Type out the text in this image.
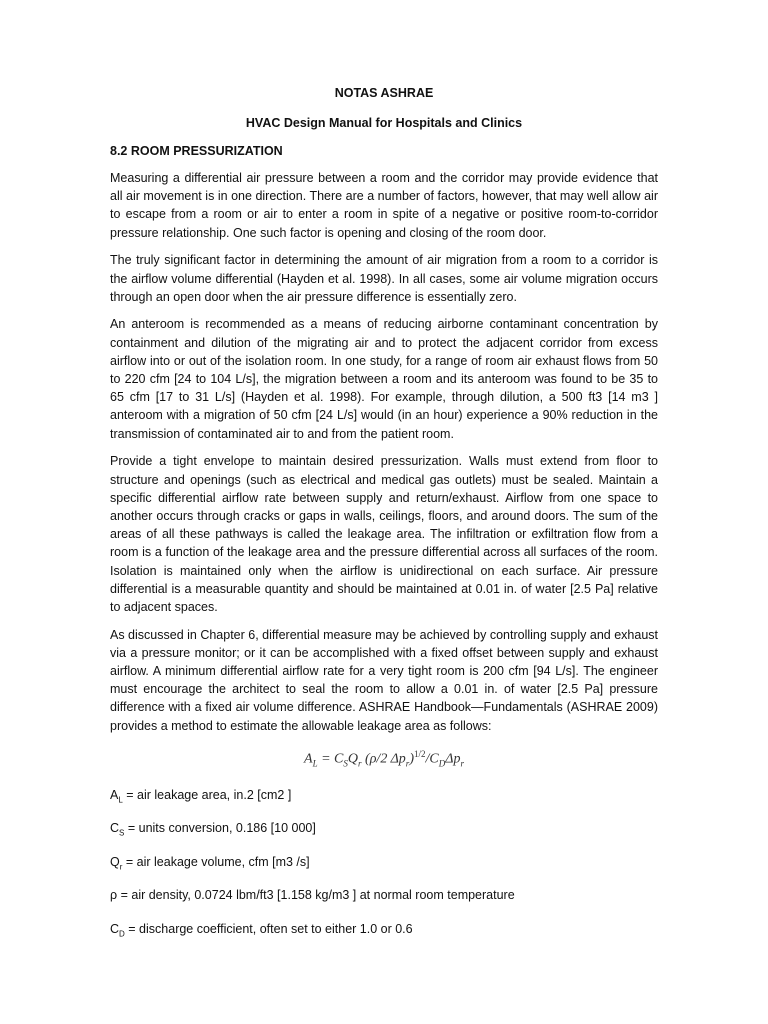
NOTAS ASHRAE
HVAC Design Manual for Hospitals and Clinics
8.2 ROOM PRESSURIZATION

Measuring a differential air pressure between a room and the corridor may provide evidence that all air movement is in one direction. There are a number of factors, however, that may well allow air to escape from a room or air to enter a room in spite of a negative or positive room-to-corridor pressure relationship. One such factor is opening and closing of the room door.

The truly significant factor in determining the amount of air migration from a room to a corridor is the airflow volume differential (Hayden et al. 1998). In all cases, some air volume migration occurs through an open door when the air pressure difference is essentially zero.

An anteroom is recommended as a means of reducing airborne contaminant concentration by containment and dilution of the migrating air and to protect the adjacent corridor from excess airflow into or out of the isolation room. In one study, for a range of room air exhaust flows from 50 to 220 cfm [24 to 104 L/s], the migration between a room and its anteroom was found to be 35 to 65 cfm [17 to 31 L/s] (Hayden et al. 1998). For example, through dilution, a 500 ft3 [14 m3 ] anteroom with a migration of 50 cfm [24 L/s] would (in an hour) experience a 90% reduction in the transmission of contaminated air to and from the patient room.

Provide a tight envelope to maintain desired pressurization. Walls must extend from floor to structure and openings (such as electrical and medical gas outlets) must be sealed. Maintain a specific differential airflow rate between supply and return/exhaust. Airflow from one space to another occurs through cracks or gaps in walls, ceilings, floors, and around doors. The sum of the areas of all these pathways is called the leakage area. The infiltration or exfiltration flow from a room is a function of the leakage area and the pressure differential across all surfaces of the room. Isolation is maintained only when the airflow is unidirectional on each surface. Air pressure differential is a measurable quantity and should be maintained at 0.01 in. of water [2.5 Pa] relative to adjacent spaces.

As discussed in Chapter 6, differential measure may be achieved by controlling supply and exhaust via a pressure monitor; or it can be accomplished with a fixed offset between supply and exhaust airflow. A minimum differential airflow rate for a very tight room is 200 cfm [94 L/s]. The engineer must encourage the architect to seal the room to allow a 0.01 in. of water [2.5 Pa] pressure difference with a fixed air volume difference. ASHRAE Handbook—Fundamentals (ASHRAE 2009) provides a method to estimate the allowable leakage area as follows:

$A_L = C_SQ_r$ (ρ/2 $\Delta p_r)^{1/2}/C_D\Delta p_r$
$A_L$ = air leakage area, in.2 [cm2 ]
$C_S$ = units conversion, 0.186 [10 000]
$Q_r$ = air leakage volume, cfm [m3 /s]
ρ = air density, 0.0724 lbm/ft3 [1.158 kg/m3 ] at normal room temperature
$C_D$ = discharge coefficient, often set to either 1.0 or 0.6
